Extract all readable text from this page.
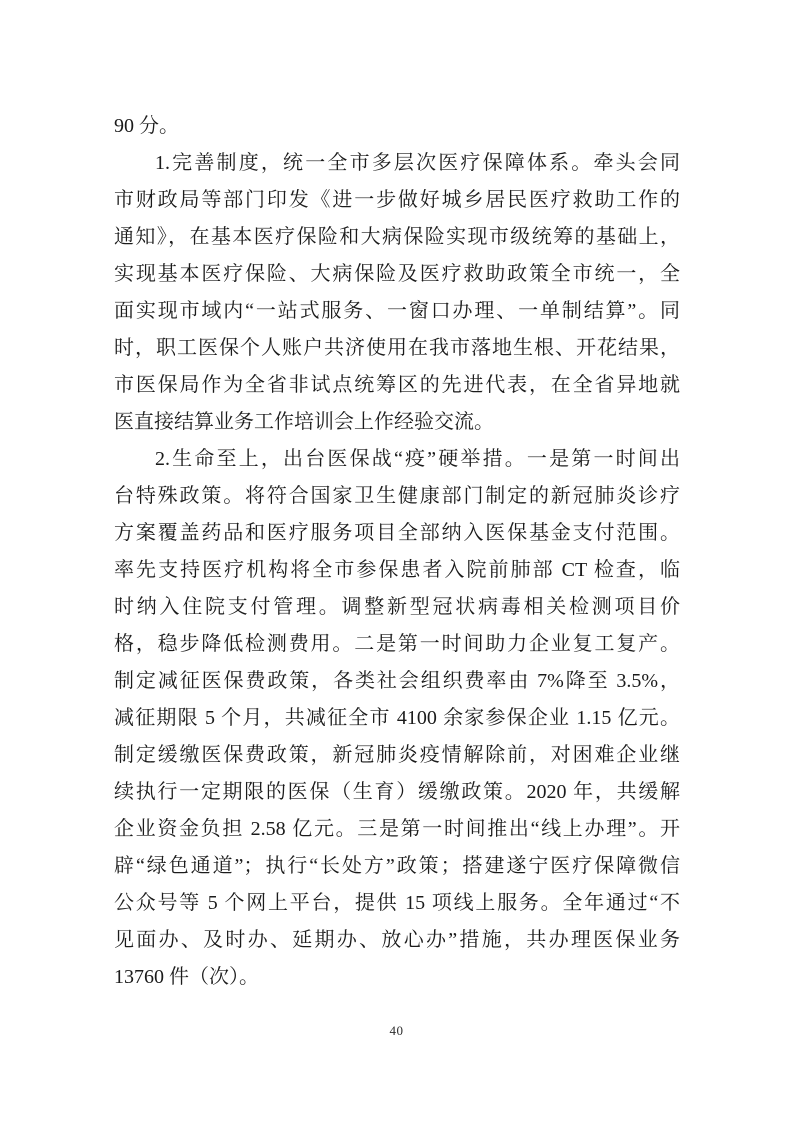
90 分。
1.完善制度，统一全市多层次医疗保障体系。牵头会同
市财政局等部门印发《进一步做好城乡居民医疗救助工作的
通知》，在基本医疗保险和大病保险实现市级统筹的基础上，
实现基本医疗保险、大病保险及医疗救助政策全市统一，全
面实现市域内“一站式服务、一窗口办理、一单制结算”。同
时，职工医保个人账户共济使用在我市落地生根、开花结果，
市医保局作为全省非试点统筹区的先进代表，在全省异地就
医直接结算业务工作培训会上作经验交流。
2.生命至上，出台医保战“疫”硬举措。一是第一时间出
台特殊政策。将符合国家卫生健康部门制定的新冠肺炎诊疗
方案覆盖药品和医疗服务项目全部纳入医保基金支付范围。
率先支持医疗机构将全市参保患者入院前肺部 CT 检查，临
时纳入住院支付管理。调整新型冠状病毒相关检测项目价
格，稳步降低检测费用。二是第一时间助力企业复工复产。
制定减征医保费政策，各类社会组织费率由 7%降至 3.5%，
减征期限 5 个月，共减征全市 4100 余家参保企业 1.15 亿元。
制定缓缴医保费政策，新冠肺炎疫情解除前，对困难企业继
续执行一定期限的医保（生育）缓缴政策。2020 年，共缓解
企业资金负担 2.58 亿元。三是第一时间推出“线上办理”。开
辟“绿色通道”；执行“长处方”政策；搭建遂宁医疗保障微信
公众号等 5 个网上平台，提供 15 项线上服务。全年通过“不
见面办、及时办、延期办、放心办”措施，共办理医保业务
13760 件（次）。
40
